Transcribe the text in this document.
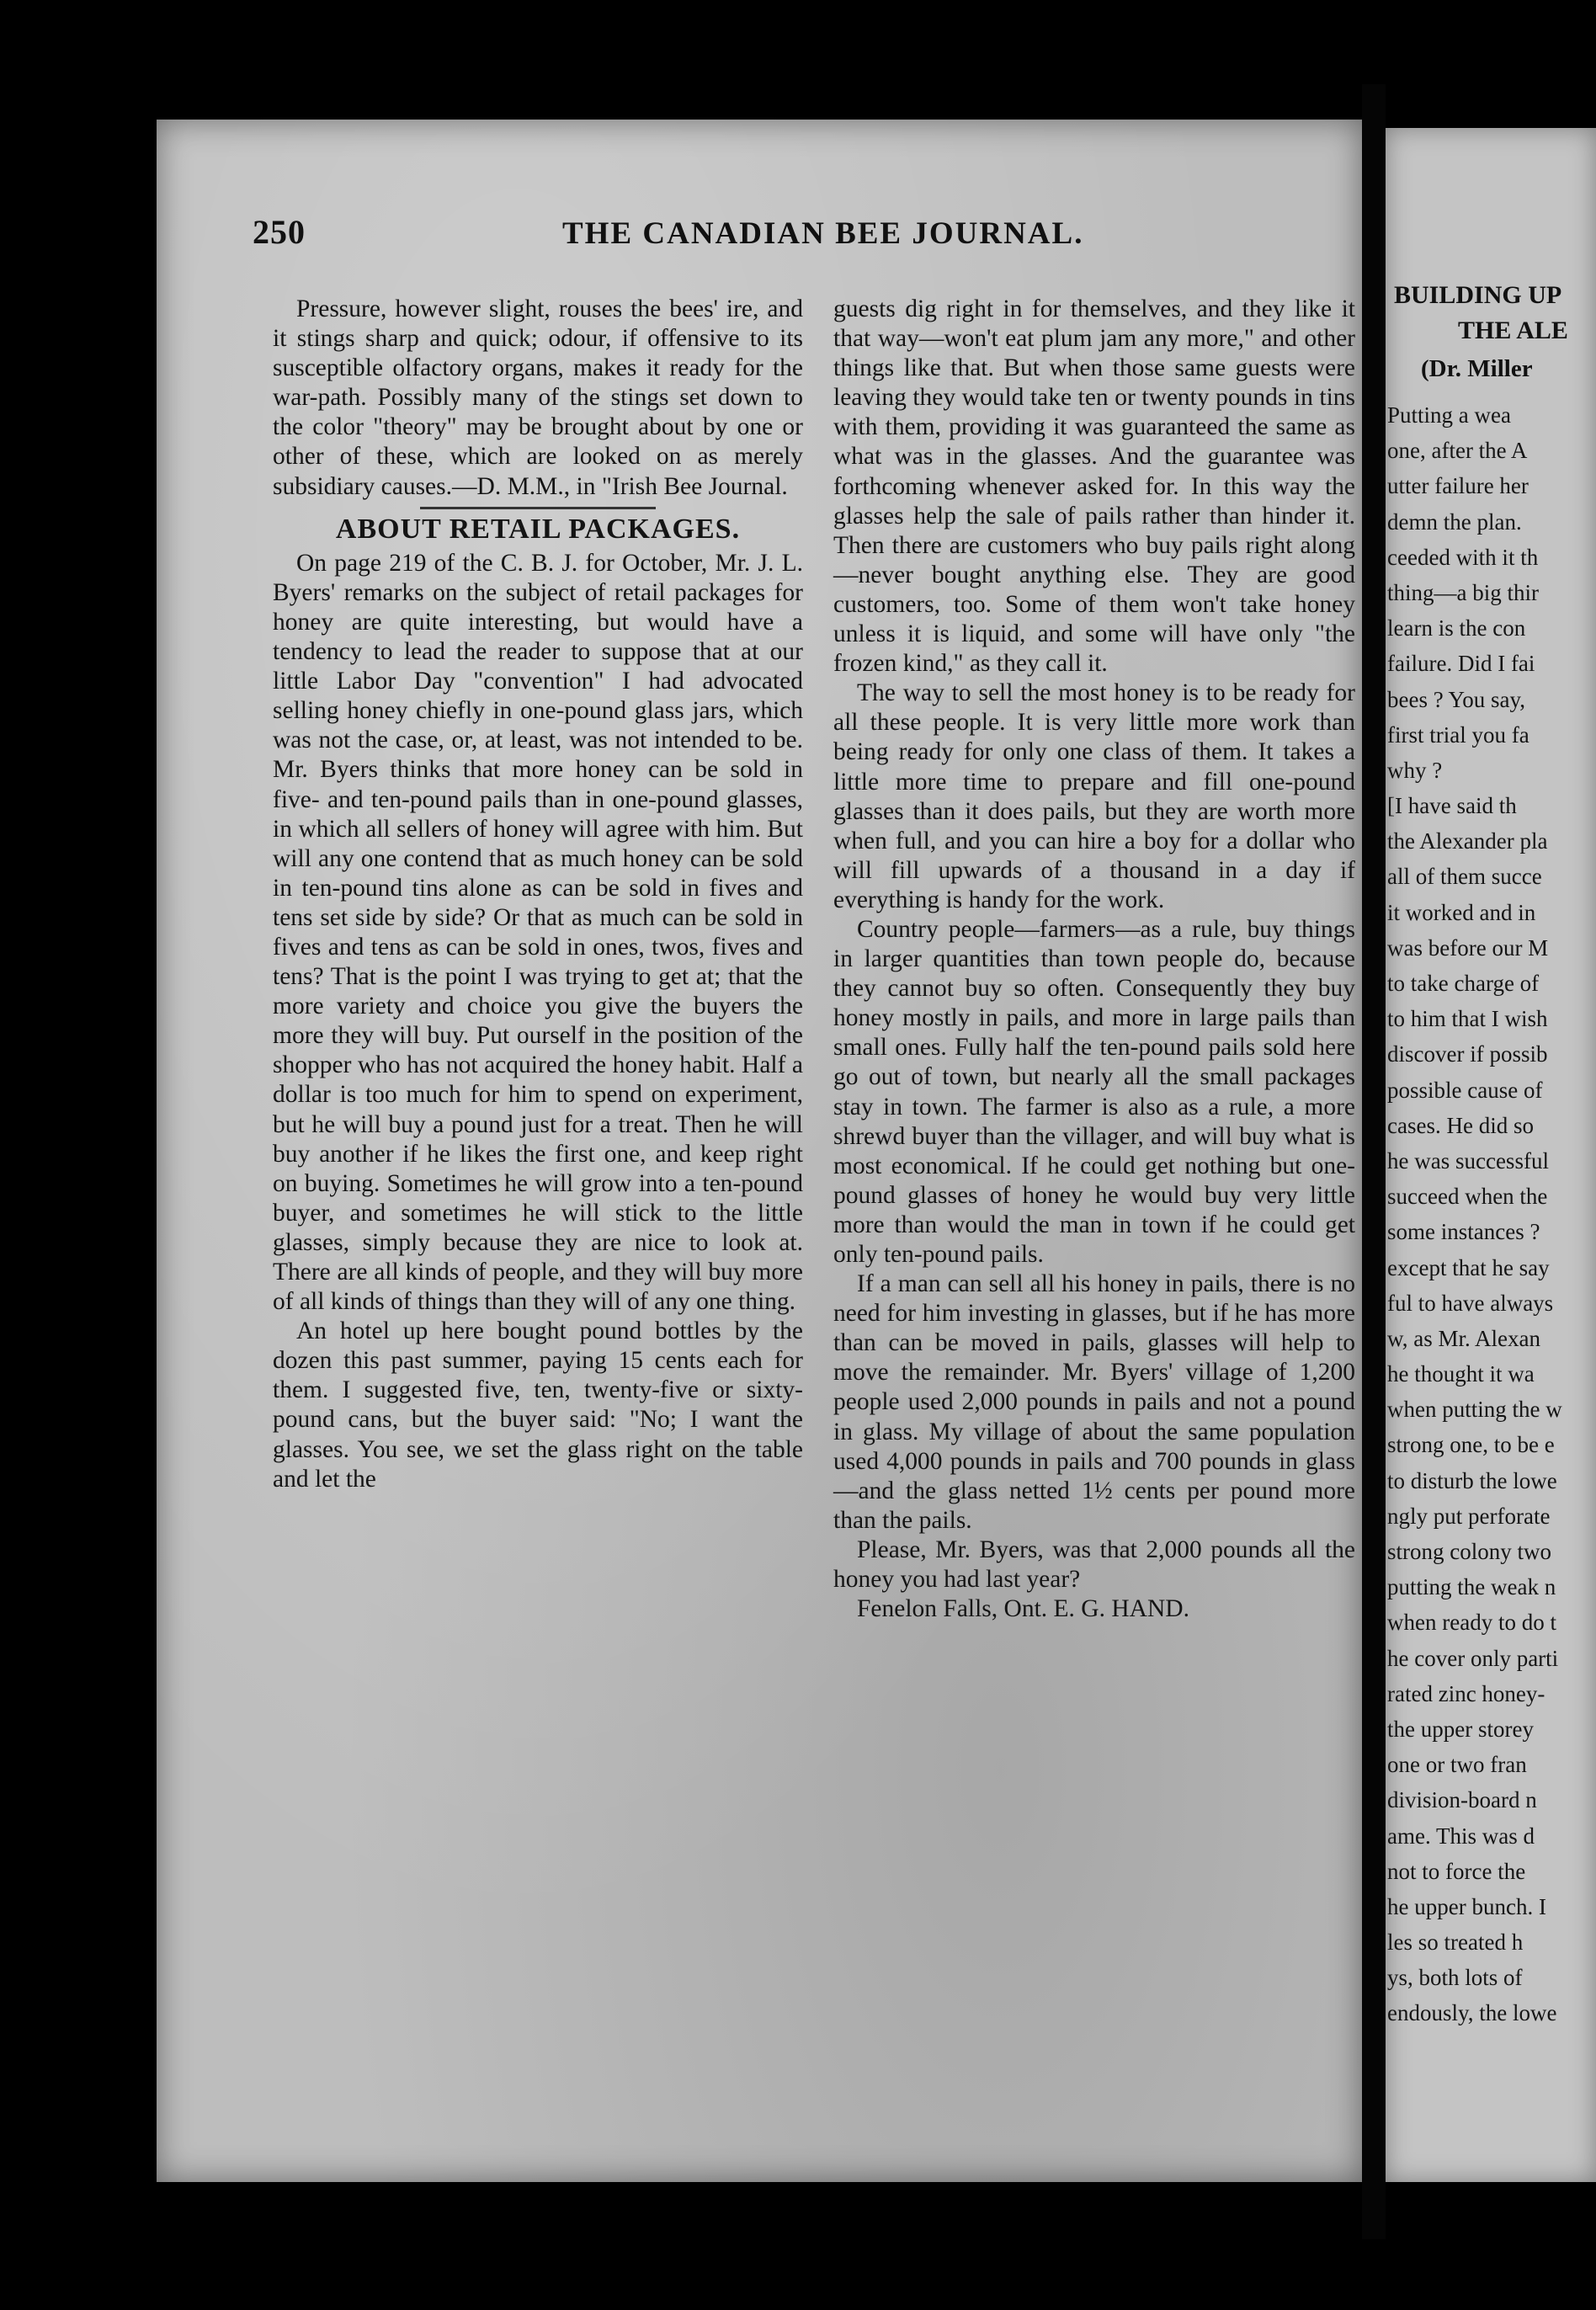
BUILDING UP
THE ALE
(Dr. Miller
Putting a wea
one, after the A
utter failure her
demn the plan.
ceeded with it th
thing—a big thir
learn is the con
failure. Did I fai
bees ? You say,
first trial you fa
why ?
[I have said th
the Alexander pla
all of them succe
it worked and in
was before our M
to take charge of
to him that I wish
discover if possib
possible cause of
cases. He did so
he was successful
succeed when the
some instances ?
except that he say
ful to have always
w, as Mr. Alexan
he thought it wa
when putting the w
strong one, to be e
to disturb the lowe
ngly put perforate
strong colony two
putting the weak n
when ready to do t
he cover only parti
rated zinc honey-
the upper storey
one or two fran
division-board n
ame. This was d
not to force the
he upper bunch. I
les so treated h
ys, both lots of
endously, the lowe
250	THE CANADIAN BEE JOURNAL.

Pressure, however slight, rouses the bees' ire, and it stings sharp and quick; odour, if offensive to its susceptible olfactory organs, makes it ready for the war-path. Possibly many of the stings set down to the color "theory" may be brought about by one or other of these, which are looked on as merely subsidiary causes.—D. M.M., in "Irish Bee Journal.

ABOUT RETAIL PACKAGES.

On page 219 of the C. B. J. for October, Mr. J. L. Byers' remarks on the subject of retail packages for honey are quite interesting, but would have a tendency to lead the reader to suppose that at our little Labor Day "convention" I had advocated selling honey chiefly in one-pound glass jars, which was not the case, or, at least, was not intended to be. Mr. Byers thinks that more honey can be sold in five- and ten-pound pails than in one-pound glasses, in which all sellers of honey will agree with him. But will any one contend that as much honey can be sold in ten-pound tins alone as can be sold in fives and tens set side by side? Or that as much can be sold in fives and tens as can be sold in ones, twos, fives and tens? That is the point I was trying to get at; that the more variety and choice you give the buyers the more they will buy. Put ourself in the position of the shopper who has not acquired the honey habit. Half a dollar is too much for him to spend on experiment, but he will buy a pound just for a treat. Then he will buy another if he likes the first one, and keep right on buying. Sometimes he will grow into a ten-pound buyer, and sometimes he will stick to the little glasses, simply because they are nice to look at. There are all kinds of people, and they will buy more of all kinds of things than they will of any one thing.

An hotel up here bought pound bottles by the dozen this past summer, paying 15 cents each for them. I suggested five, ten, twenty-five or sixty-pound cans, but the buyer said: "No; I want the glasses. You see, we set the glass right on the table and let the

guests dig right in for themselves, and they like it that way—won't eat plum jam any more," and other things like that. But when those same guests were leaving they would take ten or twenty pounds in tins with them, providing it was guaranteed the same as what was in the glasses. And the guarantee was forthcoming whenever asked for. In this way the glasses help the sale of pails rather than hinder it. Then there are customers who buy pails right along—never bought anything else. They are good customers, too. Some of them won't take honey unless it is liquid, and some will have only "the frozen kind," as they call it.

The way to sell the most honey is to be ready for all these people. It is very little more work than being ready for only one class of them. It takes a little more time to prepare and fill one-pound glasses than it does pails, but they are worth more when full, and you can hire a boy for a dollar who will fill upwards of a thousand in a day if everything is handy for the work.

Country people—farmers—as a rule, buy things in larger quantities than town people do, because they cannot buy so often. Consequently they buy honey mostly in pails, and more in large pails than small ones. Fully half the ten-pound pails sold here go out of town, but nearly all the small packages stay in town. The farmer is also as a rule, a more shrewd buyer than the villager, and will buy what is most economical. If he could get nothing but one-pound glasses of honey he would buy very little more than would the man in town if he could get only ten-pound pails.

If a man can sell all his honey in pails, there is no need for him investing in glasses, but if he has more than can be moved in pails, glasses will help to move the remainder. Mr. Byers' village of 1,200 people used 2,000 pounds in pails and not a pound in glass. My village of about the same population used 4,000 pounds in pails and 700 pounds in glass—and the glass netted 1½ cents per pound more than the pails.

Please, Mr. Byers, was that 2,000 pounds all the honey you had last year?

Fenelon Falls, Ont. E. G. HAND.
